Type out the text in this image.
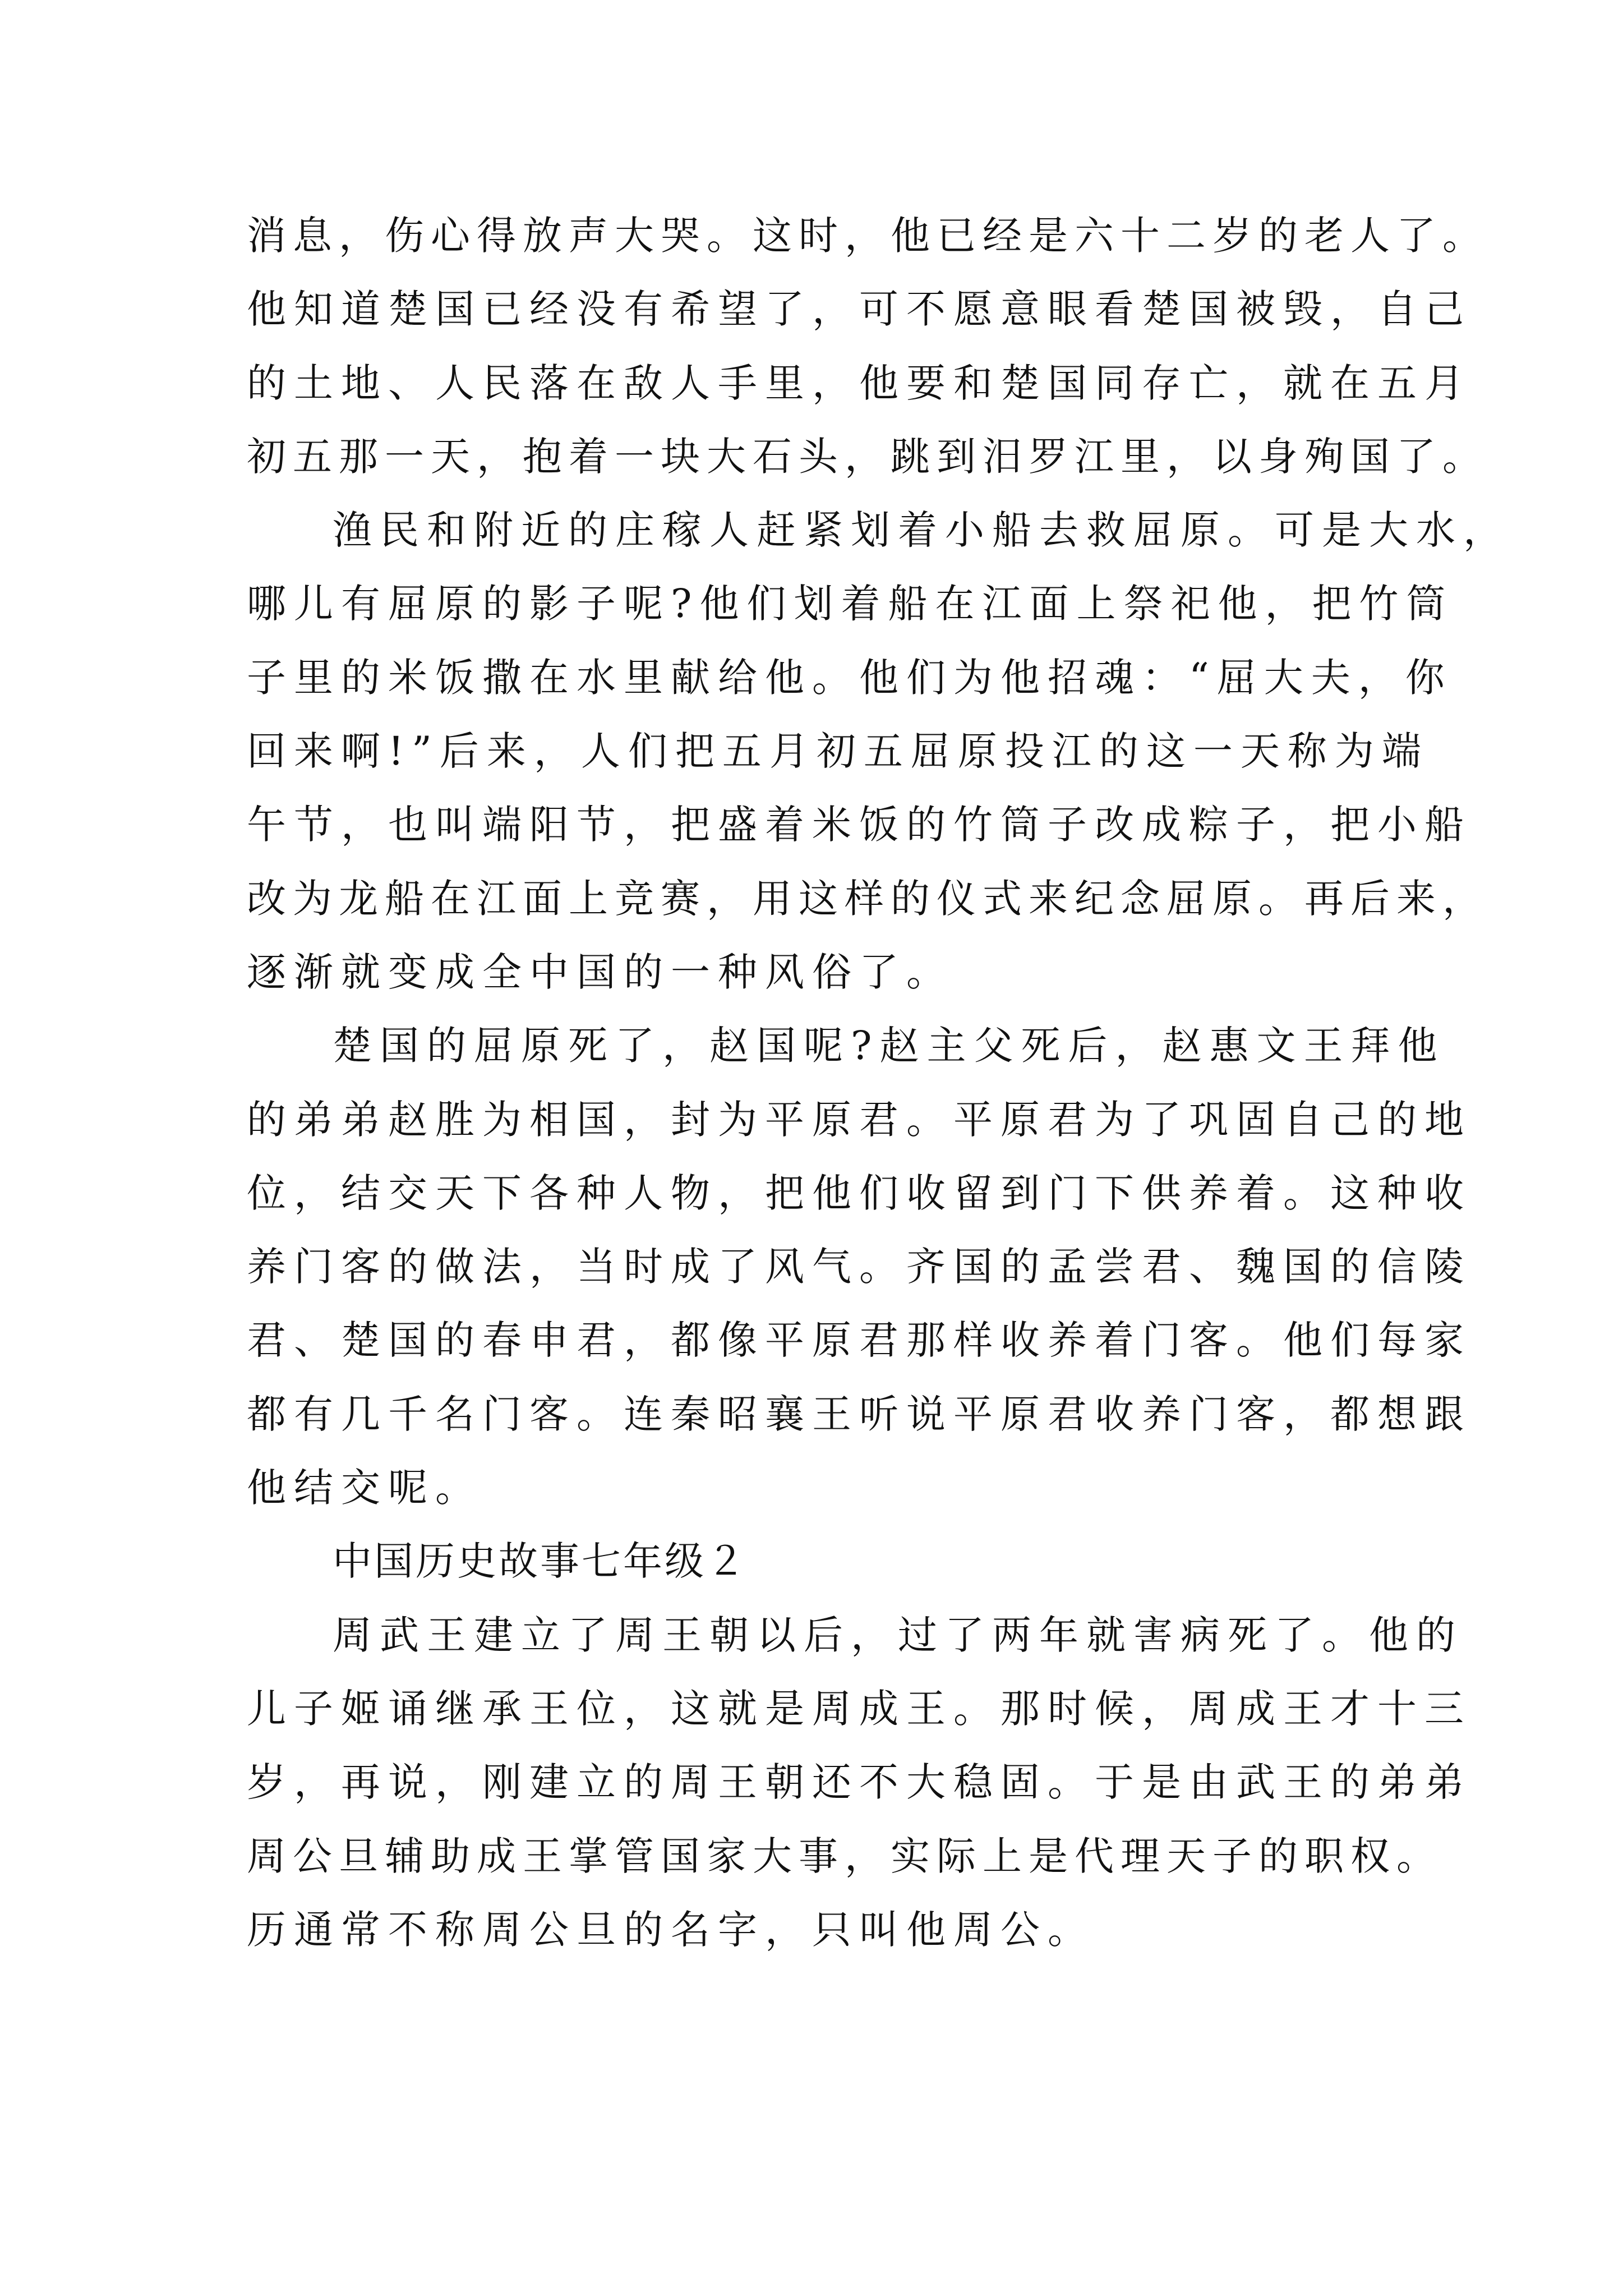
消息，伤心得放声大哭。这时，他已经是六十二岁的老人了。
他知道楚国已经没有希望了，可不愿意眼看楚国被毁，自己
的土地、人民落在敌人手里，他要和楚国同存亡，就在五月
初五那一天，抱着一块大石头，跳到汨罗江里，以身殉国了。
渔民和附近的庄稼人赶紧划着小船去救屈原。可是大水，
哪儿有屈原的影子呢?他们划着船在江面上祭祀他，把竹筒
子里的米饭撒在水里献给他。他们为他招魂：“屈大夫，你
回来啊!”后来，人们把五月初五屈原投江的这一天称为端
午节，也叫端阳节，把盛着米饭的竹筒子改成粽子，把小船
改为龙船在江面上竞赛，用这样的仪式来纪念屈原。再后来，
逐渐就变成全中国的一种风俗了。
楚国的屈原死了，赵国呢?赵主父死后，赵惠文王拜他
的弟弟赵胜为相国，封为平原君。平原君为了巩固自己的地
位，结交天下各种人物，把他们收留到门下供养着。这种收
养门客的做法，当时成了风气。齐国的孟尝君、魏国的信陵
君、楚国的春申君，都像平原君那样收养着门客。他们每家
都有几千名门客。连秦昭襄王听说平原君收养门客，都想跟
他结交呢。
中国历史故事七年级２
周武王建立了周王朝以后，过了两年就害病死了。他的
儿子姬诵继承王位，这就是周成王。那时候，周成王才十三
岁，再说，刚建立的周王朝还不大稳固。于是由武王的弟弟
周公旦辅助成王掌管国家大事，实际上是代理天子的职权。
历通常不称周公旦的名字，只叫他周公。
